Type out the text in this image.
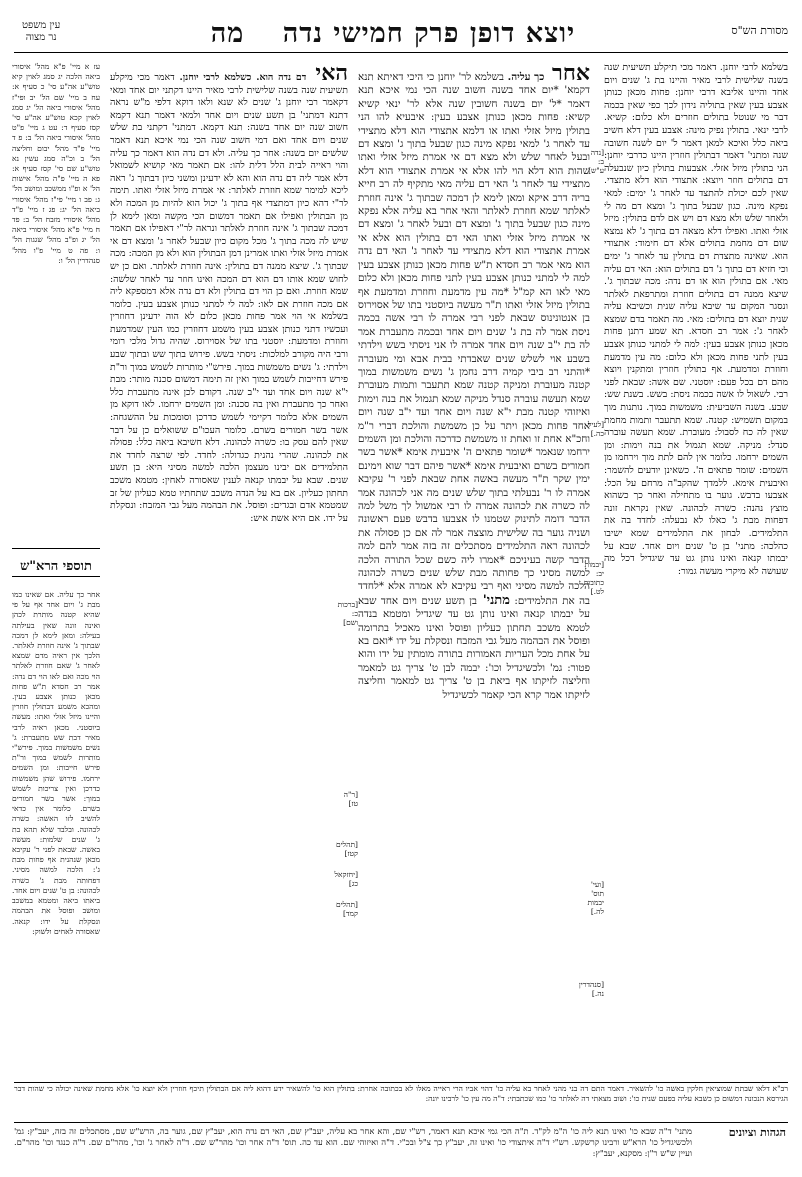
מסורת הש"ס
יוצא דופן פרק חמישי נדה מה
עין משפט
נר מצוה
בשלמא לרבי יוחנן. דאמר מכי תיקלע תשיעית שנה בשנה שלישית לרבי מאיר והיינו בת ג' שנים ויום אחד והיינו אליבא דרבי יוחנן: פחות מכאן כנותן אצבע בעין שאין בתוליה נידון לכך כפי שאין בכמה דבר מי שנוטל בתולים חוזרים ולא כלום: קשיא. לרבי ינאי. בתולין נפיק מינה: אצבע בעין דלא חשיב ביאה כלל ואיכא למאן דאמר ל' יום לשנה חשובה שנה ומתני' דאמר דבתולין חוזרין היינו כדרבי יוחנן: הני בתולין מיזל אזלי. אצבעות בתולין כיון שנבעלה דם בתולים חוזר ויוצא: אתצודי הוא דלא מתצדי. שאין לכם יכולת להתצד עד לאחר ג' ימים: למאי נפקא מינה. כגון שבעל בתוך ג' ומצא דם מה לי ולאחר שלש ולא מצא דם ויש אם לדם בתולין: מיזל אזלי ואתו. ואפילו דלא מצאה דם בתוך ג' לא נמצא שום דם מחמת בתולים אלא דם חימוד: אתצודי הוא. שאינה מתצדת דם בתולין עד לאחר ג' ימים וכי חזיא דם בתוך ג' דם בתולים הוא: האי דם עליה מאי. אם בתולין הוא או דם נדה: מכה שבתוך ג'. שיצא ממנה דם בתולים חוזרת ומתרפאת לאלתר ונסגר המקום עד שיבא עליה שנית וכשיבא עליה שנית יוצא דם בתולים: מאי. מה תאמר בדם שמצא לאחר ג': אמר רב חסדא. תא שמע דתנן פחות מכאן כנותן אצבע בעין: למה לי למתני כנותן אצבע בעין לתני פחות מכאן ולא כלום: מה עין מדמעת וחוזרת ומדמעת. אף בתולין חוזרין ומתקנין ויוצא מהם דם בכל פעם: יוסטני. שם אשה: שבאת לפני רבי. לשאול לו אשה בכמה ניסת: בשש. בשנת שש: שבע. בשנה השביעית: משמשות במוך. נותנות מוך במקום תשמיש: קטנה. שמא תתעבר ותמות מחמת שאין לה כח לסבול: מעוברת. שמא תעשה עוברה סנדל: מניקה. שמא תגמול את בנה וימות: ומן השמים ירחמו. כלומר אין להם לתת מוך וירחמו מן השמים: שומר פתאים ה'. כשאינן יודעים להשמר: ואיבעית אימא. ללמדך שהקב"ה מרחם על הכל: אצבעו בדבש. גוער בו מתחילה ואחר כך כשהוא מוצץ נהנה: כשרה לכהונה. שאין נקראת זונה דפחות מבת ג' כאלו לא נבעלה: לחדד בה את התלמידים. לבחון את התלמידים שמא ישיבו כהלכה: מתני' בן ט' שנים ויום אחד. שבא על יבמתו קנאה ואינו נותן גט עד שיגדיל דכל מה שעושה לא מיקרי מעשה גמור:
אחר כך עליה. בשלמא לר' יוחנן כי היכי דאיתא תנא דקמא' *יום אחד בשנה חשוב שנה הכי נמי איכא תנא דאמר *ל' יום בשנה חשובין שנה אלא לר' ינאי קשיא קשיא: פחות מכאן כנותן אצבע בעין: איבעיא להו הני בתולין מיזל אזלי ואתו או דלמא אתצודי הוא דלא מתצידי עד לאחר ג' למאי נפקא מינה כגון שבעל בתוך ג' ומצא דם ובעל לאחר שלש ולא מצא דם אי אמרת מיזל אזלי ואתו שהות הוא דלא הוי להו אלא אי אמרת אתצודי הוא דלא מתצידי עד לאחר ג' האי דם עליה מאי מתקיף לה רב חייא בריה דרב איקא ומאן לימא לן דמכה שבתוך ג' אינה חוזרת לאלתר שמא חוזרת לאלתר והאי אחר בא עליה אלא נפקא מינה כגון שבעל בתוך ג' ומצא דם ובעל לאחר ג' ומצא דם אי אמרת מיזל אזלי ואתו האי דם בתולין הוא אלא אי אמרת אתצודי הוא דלא מתצידי עד לאחר ג' האי דם נדה הוא מאי אמר רב חסדא ת"ש פחות מכאן כנותן אצבע בעין למה לי למתני כנותן אצבע בעין לתני פחות מכאן ולא כלום מאי לאו הא קמ"ל *מה עין מדמעת וחוזרת ומדמעת אף בתולין מיזל אזלי ואתו ת"ר מעשה ביוסטני בתו של אסוירוס בן אנטונינוס שבאת לפני רבי אמרה לו רבי אשה בכמה ניסת אמר לה בת ג' שנים ויום אחד ובכמה מתעברת אמר לה בת י"ב שנה ויום אחד אמרה לו אני ניסתי בשש וילדתי בשבע אוי לשלש שנים שאבדתי בבית אבא ומי מעוברה *והתני רב ביבי קמיה דרב נחמן ג' נשים משמשות במוך קטנה מעוברת ומניקה קטנה שמא תתעבר ותמות מעוברת שמא תעשה עוברה סנדל מניקה שמא תגמול את בנה וימות ואיזוהי קטנה מבת י"א שנה ויום אחד ועד י"ב שנה ויום אחד פחות מכאן ויתר על כן משמשת והולכת דברי ר"מ וחכ"א אחת זו ואחת זו משמשת כדרכה והולכת ומן השמים ירחמו שנאמר *שומר פתאים ה' איבעית אימא *אשר בשר חמורים בשרם ואיבעית אימא *אשר פיהם דבר שוא וימינם ימין שקר ת"ר מעשה באשה אחת שבאת לפני ר' עקיבא אמרה לו ר' נבעלתי בתוך שלש שנים מה אני לכהונה אמר לה כשרה את לכהונה אמרה לו רבי אמשול לך משל למה הדבר דומה לתינוק שטמנו לו אצבעו בדבש פעם ראשונה ושניה גוער בה שלישית מוצצה אמר לה אם כן פסולה את לכהונה ראה התלמידים מסתכלים זה בזה אמר להם למה הדבר קשה בעיניכם *אמרו ליה כשם שכל התורה הלכה למשה מסיני כך פחותה מבת שלש שנים כשרה לכהונה הלכה למשה מסיני ואף רבי עקיבא לא אמרה אלא *לחדד בה את התלמידים: מתני' בן תשע שנים ויום אחד שבא על יבמתו קנאה ואינו נותן גט עד שיגדיל ומטמא בנדה לטמא משכב תחתון כעליון ופוסל ואינו מאכיל בתרומה ופוסל את הבהמה מעל גבי המזבח ונסקלת על ידו *ואם בא על אחת מכל העריות האמורות בתורה מומתין על ידו והוא פטור: גמ' ולכשיגדיל וכו': יבמה לבן ט' צריך גט למאמר וחליצה לזיקתו אף ביאת בן ט' צריך גט למאמר וחליצה לזיקתו אמר קרא הכי קאמר לכשיגדיל
האי דם נדה הוא. כשלמא לרבי יוחנן. דאמר מכי מיקלע תשיעית שנה בשנה שלישית לרבי מאיר היינו דקתני יום אחד ומאי דקאמר רבי יוחנן ג' שנים לא שנא ולאו דוקא דלפי מ"ש נראה דתנא דמתני' בן תשע שנים ויום אחד ולמאי דאמר תנא דקמא חשוב שנה יום אחד בשנה: תנא דקמא. דמתני' דקתני בת שלש שנים ויום אחד ואם דמי חשוב שנה הכי נמי איכא תנא דאמר שלשים יום בשנה: אחר כך עליה. ולא דם נדה הוא דאמר כך עליה והוי ראייה לבית הלל דלית להו: אם תאמר מאי קושיא לשמואל דלא אמר ליה דם נדה הוא והא לא ידעינן ומשני כיון דבתוך ג' ראה ליכא למימר שמא חוזרת לאלתר: אי אמרת מיזל אזלי ואתו. תימה לר"י דהא כיון דמתצדי אף בתוך ג' יכול הוא להיות מן המכה ולא מן הבתולין ואפילו אם תאמר דמשום הכי מקשה ומאן לימא לן דמכה שבתוך ג' אינה חוזרת לאלתר ונראה לר"י דאפילו אם תאמר שיש לה מכה בתוך ג' מכל מקום כיון שבעל לאחר ג' ומצא דם אי אמרת מיזל אזלי ואתו אמרינן דמן הבתולין הוא ולא מן המכה: מכה שבתוך ג'. שיצא ממנה דם בתולין: אינה חוזרת לאלתר. ואם כן יש לחוש שמא אותו דם הוא דם המכה ואינו חוזר עד לאחר שלשה: שמא חוזרת. ואם כן הוי דם בתולין ולא דם נדה אלא דמספקא ליה אם מכה חוזרת אם לאו: למה לי למתני כנותן אצבע בעין. כלומר בשלמא אי הוי אמר פחות מכאן כלום לא הוה ידעינן דחוזרין ועכשיו דתני כנותן אצבע בעין משמע דחוזרין כמו העין שמדמעת וחוזרת ומדמעת: יוסטני בתו של אסוירוס. שהיה גדול מלכי רומי ורבי היה מקורב למלכות: ניסתי בשש. פירוש בתוך שש ובתוך שבע וילדתי: ג' נשים משמשות במוך. פירש"י מותרות לשמש במוך ור"ת פירש דחייבות לשמש במוך ואין זה תימה דמשום סכנה מותר: מבת י"א שנה ויום אחד ועד י"ב שנה. דקודם לכן אינה מתעברת כלל ואחר כך מתעברת ואין בה סכנה: ומן השמים ירחמו. לאו דוקא מן השמים אלא כלומר דקיימי לשמש כדרכן וסומכות על ההשגחה: אשר בשר חמורים בשרם. כלומר העכו"ם ששואלים כן על דבר שאין להם עסק בו: כשרה לכהונה. דלא חשיבא ביאה כלל: פסולה את לכהונה. שהרי נהנית כגדולה: לחדד. לפי שרצה לחדד את התלמידים אם יבינו מעצמן הלכה למשה מסיני היא: בן תשע שנים. שבא על יבמתו קנאה לענין שאסורה לאחין: מטמא משכב תחתון כעליון. אם בא על הנדה משכב שתחתיו טמא כעליון של זב שמטמא אדם ובגדים: ופוסל. את הבהמה מעל גבי המזבח: ונסקלת על ידו. אם היא אשת איש:
עז א מיי' פ"א מהל' איסורי ביאה הלכה יג סמג לאוין קיא טוש"ע אה"ע סי' כ סעיף א: עח ב מיי' שם הל' יב ופי"ז מהל' איסורי ביאה הל' יג סמג לאוין קכא טוש"ע אה"ע סי' קסז סעיף ד: עט ג מיי' פ"ט מהל' איסורי ביאה הל' ב: פ ד מיי' פ"ד מהל' יבום וחליצה הל' ב וכ"ה סמג עשין נא טוש"ע שם סי' קסז סעיף א: פא ה מיי' פ"ה מהל' אישות הל' א ופ"ו ממשכב ומושב הל' ג: פב ו מיי' פי"ז מהל' איסורי ביאה הל' יג: פג ז מיי' פ"ד מהל' איסורי מזבח הל' ב: פד ח מיי' פ"א מהל' איסורי ביאה הל' יג ופ"ב מהל' שגגות הל' ו: פה ט מיי' פ"ו מהל' סנהדרין הל' ו:
תוספי הרא"ש
אחר כך עליה. אם שאינו כמו מבת ג' ויום אחד אף על פי שהיא קטנה מותרת לכהן ואינה זונה שאין בעילתה בעילה: ומאן לימא לן דמכה שבתוך ג' אינה חוזרת לאלתר. הלכך אין ראיה מדם שמצא לאחר ג' שאם חוזרת לאלתר הוי מכה ואם לאו הוי דם נדה: אמר רב חסדא ת"ש פחות מכאן כנותן אצבע בעין. ומהכא משמע דבתולין חוזרין והיינו מיזל אזלי ואתו: מעשה ביוסטני. מכאן ראיה לרבי מאיר דבת שש מתעברת: ג' נשים משמשות במוך. פירש"י מותרות לשמש במוך ור"ת פירש חייבות: ומן השמים ירחמו. פירוש שהן משמשות כדרכן ואין צריכות לשמש במוך: אשר בשר חמורים בשרם. כלומר אין כדאי להשיב לזו האשה: כשרה לכהונה. ובלבד שלא תהא בת ג' שנים שלמות: מעשה באשה. שבאת לפני ר' עקיבא מכאן שנהנית אף פחות מבת ג': הלכה למשה מסיני. דפחותה מבת ג' כשרה לכהונה: בן ט' שנים ויום אחד. ביאתו ביאה ומטמא במשכב ומושב ופוסל את הבהמה ונסקלת על ידו: קנאה. שאסורה לאחים ולשוק:
[נדה ב: ע"ש]
[לעיל כה.]
[יבמות יב: כתובות לט.]
[ועי' תוס' יבמות לה.]
[סנהדרין נה.]
[ברכות כ: ושם]
[ר"ה טז]
[תהלים קטז]
[יחזקאל כג]
[תהלים קמד]
רב"א דלאו שבתת שמוציאין חלקין באשה כו' להשאיר. דאמר התם דה בני מהני לאחר בא עליה כו' דהוי אביו הרי ראייה מאלו לא בכתובה אחרת: בתולין הוא כו' להשאיר ידע דהוא ליה אם הבתולין תיכף חוזרין ולא יוצא כו' אלא מחמת שאינה יכולה כי שהות דבר הגירסא הנכונה דמשום כן כשבא עליה בפעם שנית כו': ושוב מצאתי דה לאלתר כו' כמו שכתבתי: ד"ה מה עין כו' לרבינו יונה:
הגהות וציונים
מתני' ד"ה שבא כו' ואינו תנא ליה כו' ה"מ לק"ד. ת"ה הכי גמי איכא תנא דאמר, רש"י שם, והא אחר בא עליה, יעב"ץ שם, האי דם נדה הוא, יעב"ץ שם, גוער בה, הרש"ש שם, מסתכלים זה בזה, יעב"ץ: גמ' ולכשיגדיל כו' הרא"ש ורבינו קרשקש. רש"י ד"ה איתצודי כו' ואינו זה, יעב"ץ כך צ"ל ובכ"י. ד"ה ואיזוהי שם. הוא עד כה. תוס' ד"ה אחר וכו' מהר"ש שם. ד"ה לאחר ג' וכו', מהר"ם שם. ד"ה כנגד וכו' מהר"ם. ועיין ש"ש ר"ן: מסקנא, יעב"ץ:
